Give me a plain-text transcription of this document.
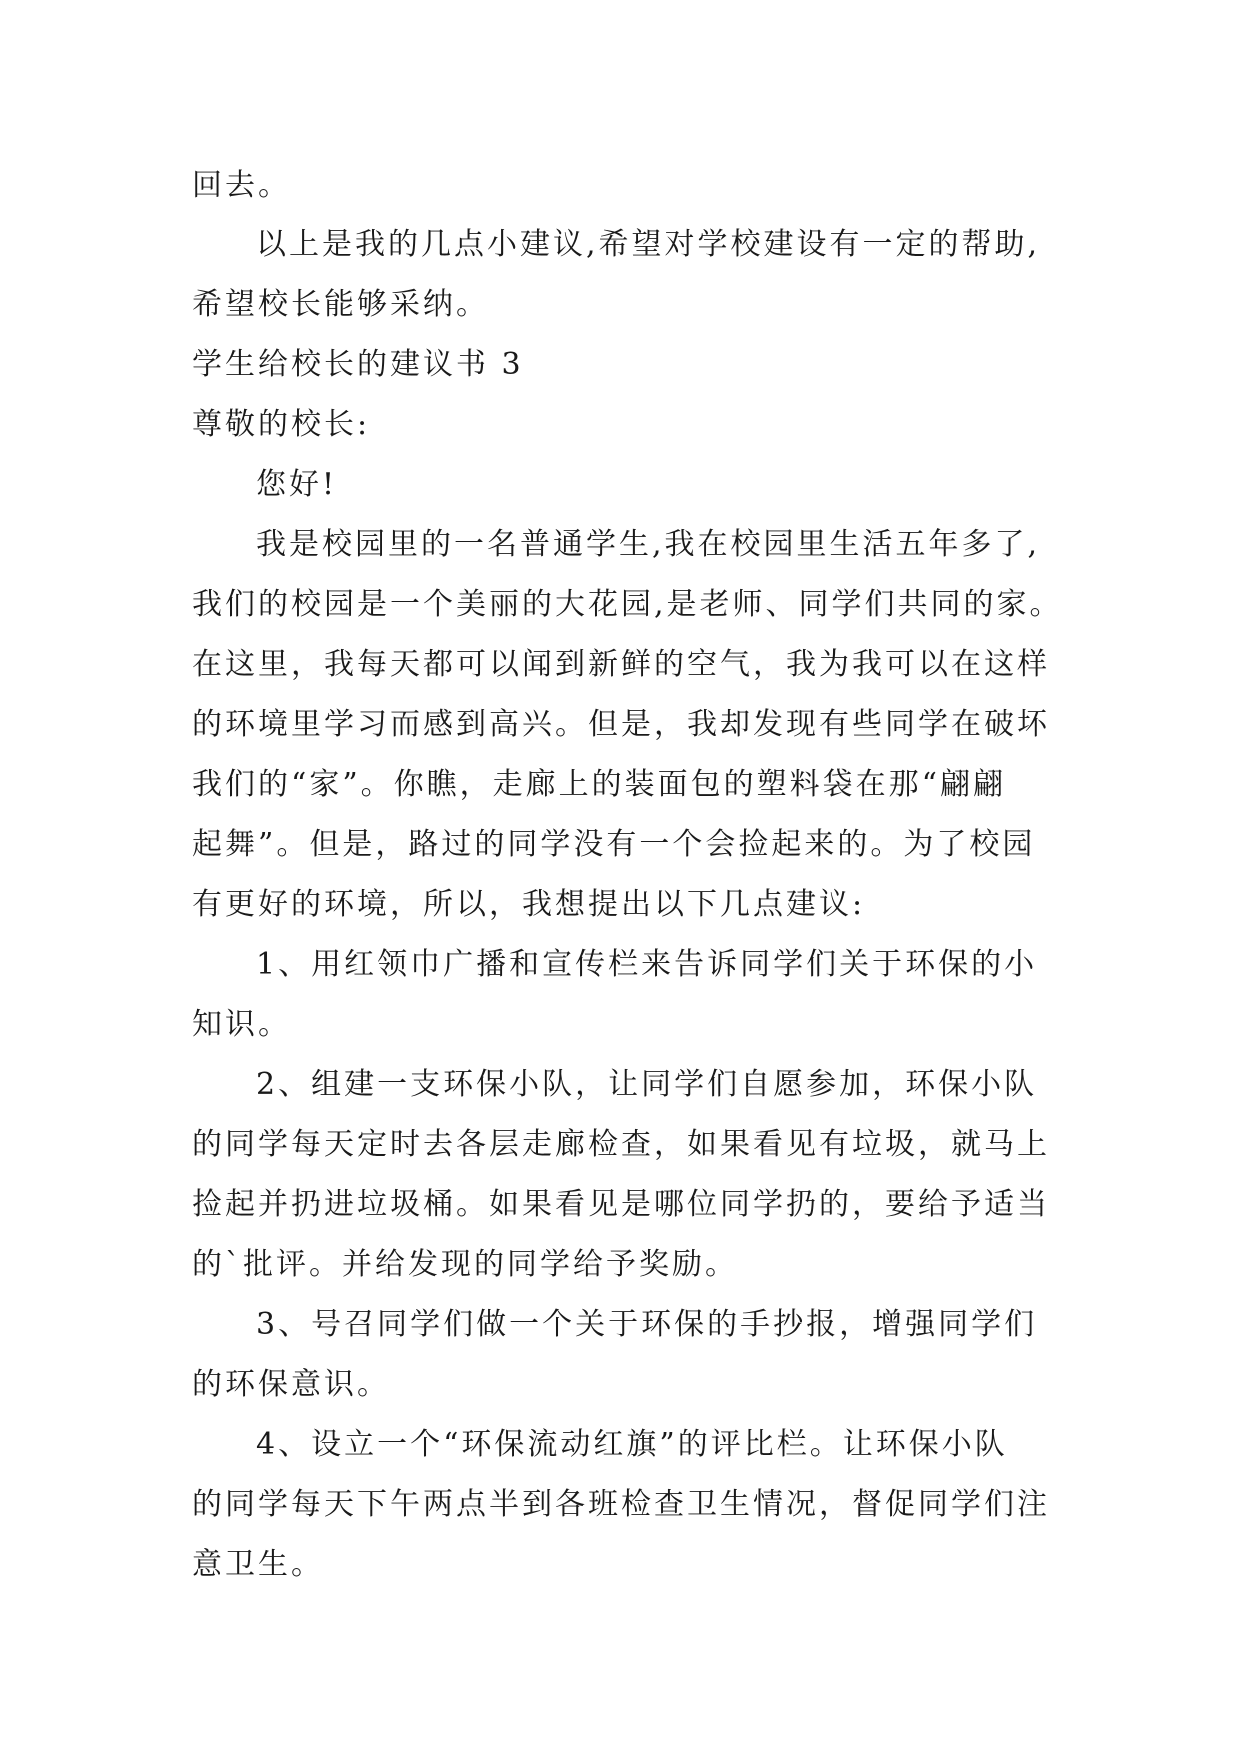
回去。
以上是我的几点小建议,希望对学校建设有一定的帮助,
希望校长能够采纳。
学生给校长的建议书 3
尊敬的校长:
您好!
我是校园里的一名普通学生,我在校园里生活五年多了,
我们的校园是一个美丽的大花园,是老师、同学们共同的家。
在这里，我每天都可以闻到新鲜的空气，我为我可以在这样
的环境里学习而感到高兴。但是，我却发现有些同学在破坏
我们的“家”。你瞧，走廊上的装面包的塑料袋在那“翩翩
起舞”。但是，路过的同学没有一个会捡起来的。为了校园
有更好的环境，所以，我想提出以下几点建议:
1、用红领巾广播和宣传栏来告诉同学们关于环保的小
知识。
2、组建一支环保小队，让同学们自愿参加，环保小队
的同学每天定时去各层走廊检查，如果看见有垃圾，就马上
捡起并扔进垃圾桶。如果看见是哪位同学扔的，要给予适当
的`批评。并给发现的同学给予奖励。
3、号召同学们做一个关于环保的手抄报，增强同学们
的环保意识。
4、设立一个“环保流动红旗”的评比栏。让环保小队
的同学每天下午两点半到各班检查卫生情况，督促同学们注
意卫生。
